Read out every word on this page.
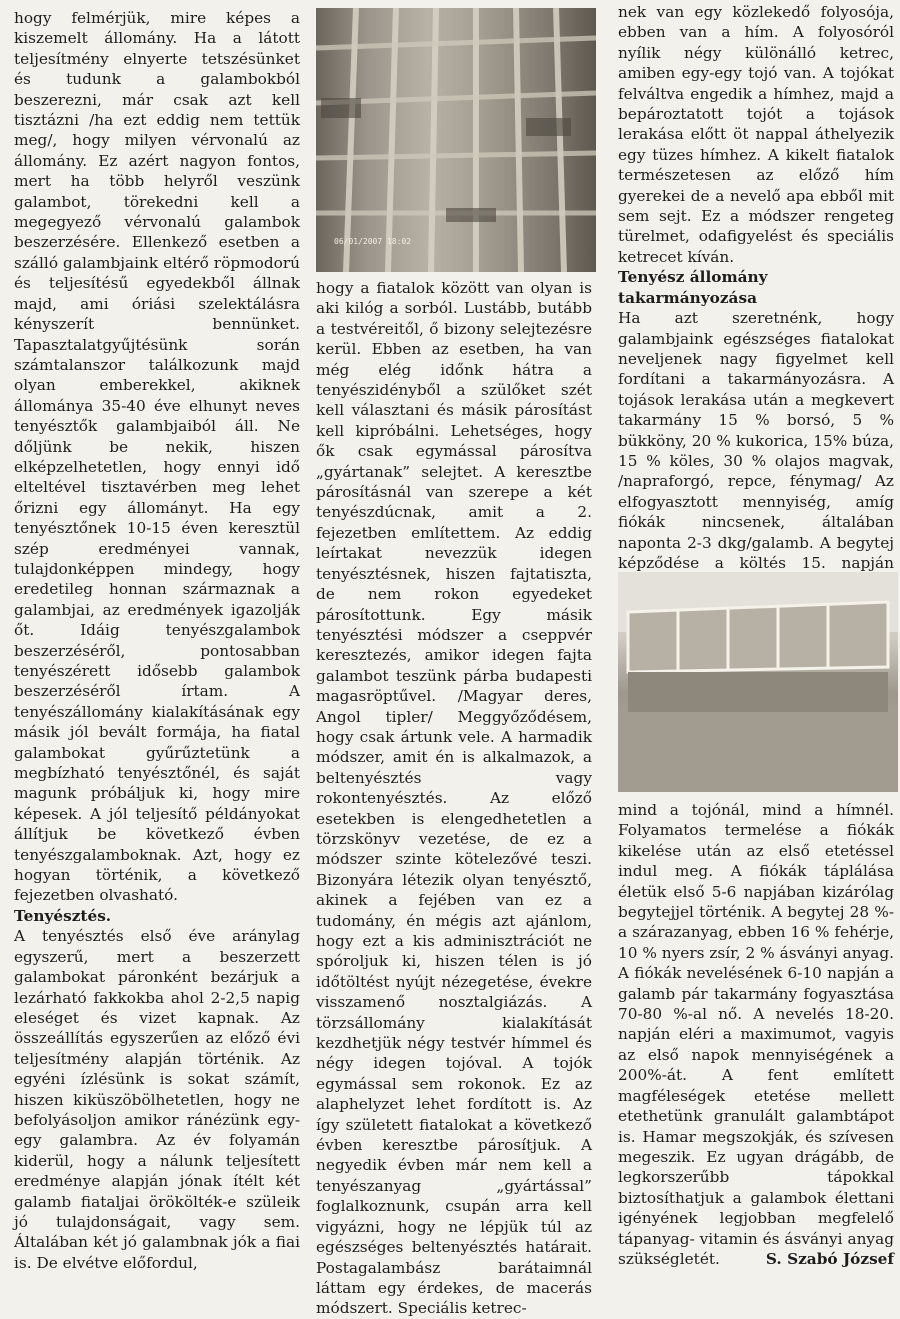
hogy felmérjük, mire képes a kiszemelt állomány. Ha a látott teljesítmény elnyerte tetszésünket és tudunk a galambokból beszerezni, már csak azt kell tisztázni /ha ezt eddig nem tettük meg/, hogy milyen vérvonalú az állomány. Ez azért nagyon fontos, mert ha több helyről veszünk galambot, törekedni kell a megegyező vérvonalú galambok beszerzésére. Ellenkező esetben a szálló galambjaink eltérő röpmodorú és teljesítésű egyedekből állnak majd, ami óriási szelektálásra kényszerít bennünket. Tapasztalatgyűjtésünk során számtalanszor találkozunk majd olyan emberekkel, akiknek állománya 35-40 éve elhunyt neves tenyésztők galambjaiból áll. Ne dőljünk be nekik, hiszen elképzelhetetlen, hogy ennyi idő elteltével tisztavérben meg lehet őrizni egy állományt. Ha egy tenyésztőnek 10-15 éven keresztül szép eredményei vannak, tulajdonképpen mindegy, hogy eredetileg honnan származnak a galambjai, az eredmények igazolják őt. Idáig tenyészgalambok beszerzéséről, pontosabban tenyészérett idősebb galambok beszerzéséről írtam. A tenyészállomány kialakításának egy másik jól bevált formája, ha fiatal galambokat gyűrűztetünk a megbízható tenyésztőnél, és saját magunk próbáljuk ki, hogy mire képesek. A jól teljesítő példányokat állítjuk be következő évben tenyészgalamboknak. Azt, hogy ez hogyan történik, a következő fejezetben olvasható.

Tenyésztés.

A tenyésztés első éve aránylag egyszerű, mert a beszerzett galambokat páronként bezárjuk a lezárható fakkokba ahol 2-2,5 napig eleséget és vizet kapnak. Az összeállítás egyszerűen az előző évi teljesítmény alapján történik. Az egyéni ízlésünk is sokat számít, hiszen kiküszöbölhetetlen, hogy ne befolyásoljon amikor ránézünk egy-egy galambra. Az év folyamán kiderül, hogy a nálunk teljesített eredménye alapján jónak ítélt két galamb fiataljai örökölték-e szüleik jó tulajdonságait, vagy sem. Általában két jó galambnak jók a fiai is. De elvétve előfordul,

06/01/2007 18:02

hogy a fiatalok között van olyan is aki kilóg a sorból. Lustább, butább a testvéreitől, ő bizony selejtezésre kerül. Ebben az esetben, ha van még elég időnk hátra a tenyészidényből a szülőket szét kell választani és másik párosítást kell kipróbálni. Lehetséges, hogy ők csak egymással párosítva „gyártanak” selejtet. A keresztbe párosításnál van szerepe a két tenyészdúcnak, amit a 2. fejezetben említettem. Az eddig leírtakat nevezzük idegen tenyésztésnek, hiszen fajtatiszta, de nem rokon egyedeket párosítottunk. Egy másik tenyésztési módszer a cseppvér keresztezés, amikor idegen fajta galambot teszünk párba budapesti magasröptűvel. /Magyar deres, Angol tipler/ Meggyőződésem, hogy csak ártunk vele. A harmadik módszer, amit én is alkalmazok, a beltenyésztés vagy rokontenyésztés. Az előző esetekben is elengedhetetlen a törzskönyv vezetése, de ez a módszer szinte kötelezővé teszi. Bizonyára létezik olyan tenyésztő, akinek a fejében van ez a tudomány, én mégis azt ajánlom, hogy ezt a kis adminisztrációt ne spóroljuk ki, hiszen télen is jó időtöltést nyújt nézegetése, évekre visszamenő nosztalgiázás. A törzsállomány kialakítását kezdhetjük négy testvér hímmel és négy idegen tojóval. A tojók egymással sem rokonok. Ez az alaphelyzet lehet fordított is. Az így született fiatalokat a következő évben keresztbe párosítjuk. A negyedik évben már nem kell a tenyészanyag „gyártással” foglalkoznunk, csupán arra kell vigyázni, hogy ne lépjük túl az egészséges beltenyésztés határait. Postagalambász barátaimnál láttam egy érdekes, de macerás módszert. Speciális ketrec-

nek van egy közlekedő folyosója, ebben van a hím. A folyosóról nyílik négy különálló ketrec, amiben egy-egy tojó van. A tojókat felváltva engedik a hímhez, majd a bepároztatott tojót a tojások lerakása előtt öt nappal áthelyezik egy tüzes hímhez. A kikelt fiatalok természetesen az előző hím gyerekei de a nevelő apa ebből mit sem sejt. Ez a módszer rengeteg türelmet, odafigyelést és speciális ketrecet kíván.

Tenyész állomány takarmányozása

Ha azt szeretnénk, hogy galambjaink egészséges fiatalokat neveljenek nagy figyelmet kell fordítani a takarmányozásra. A tojások lerakása után a megkevert takarmány 15 % borsó, 5 % bükköny, 20 % kukorica, 15% búza, 15 % köles, 30 % olajos magvak, /napraforgó, repce, fénymag/ Az elfogyasztott mennyiség, amíg fiókák nincsenek, általában naponta 2-3 dkg/galamb. A begytej képződése a költés 15. napján

mind a tojónál, mind a hímnél. Folyamatos termelése a fiókák kikelése után az első etetéssel indul meg. A fiókák táplálása életük első 5-6 napjában kizárólag begytejjel történik. A begytej 28 %-a szárazanyag, ebben 16 % fehérje, 10 % nyers zsír, 2 % ásványi anyag. A fiókák nevelésének 6-10 napján a galamb pár takarmány fogyasztása 70-80 %-al nő. A nevelés 18-20. napján eléri a maximumot, vagyis az első napok mennyiségének a 200%-át. A fent említett magféleségek etetése mellett etethetünk granulált galambtápot is. Hamar megszokják, és szívesen megeszik. Ez ugyan drágább, de legkorszerűbb tápokkal biztosíthatjuk a galambok élettani igényének legjobban megfelelő tápanyag- vitamin és ásványi anyag szükségletét.	S. Szabó József
